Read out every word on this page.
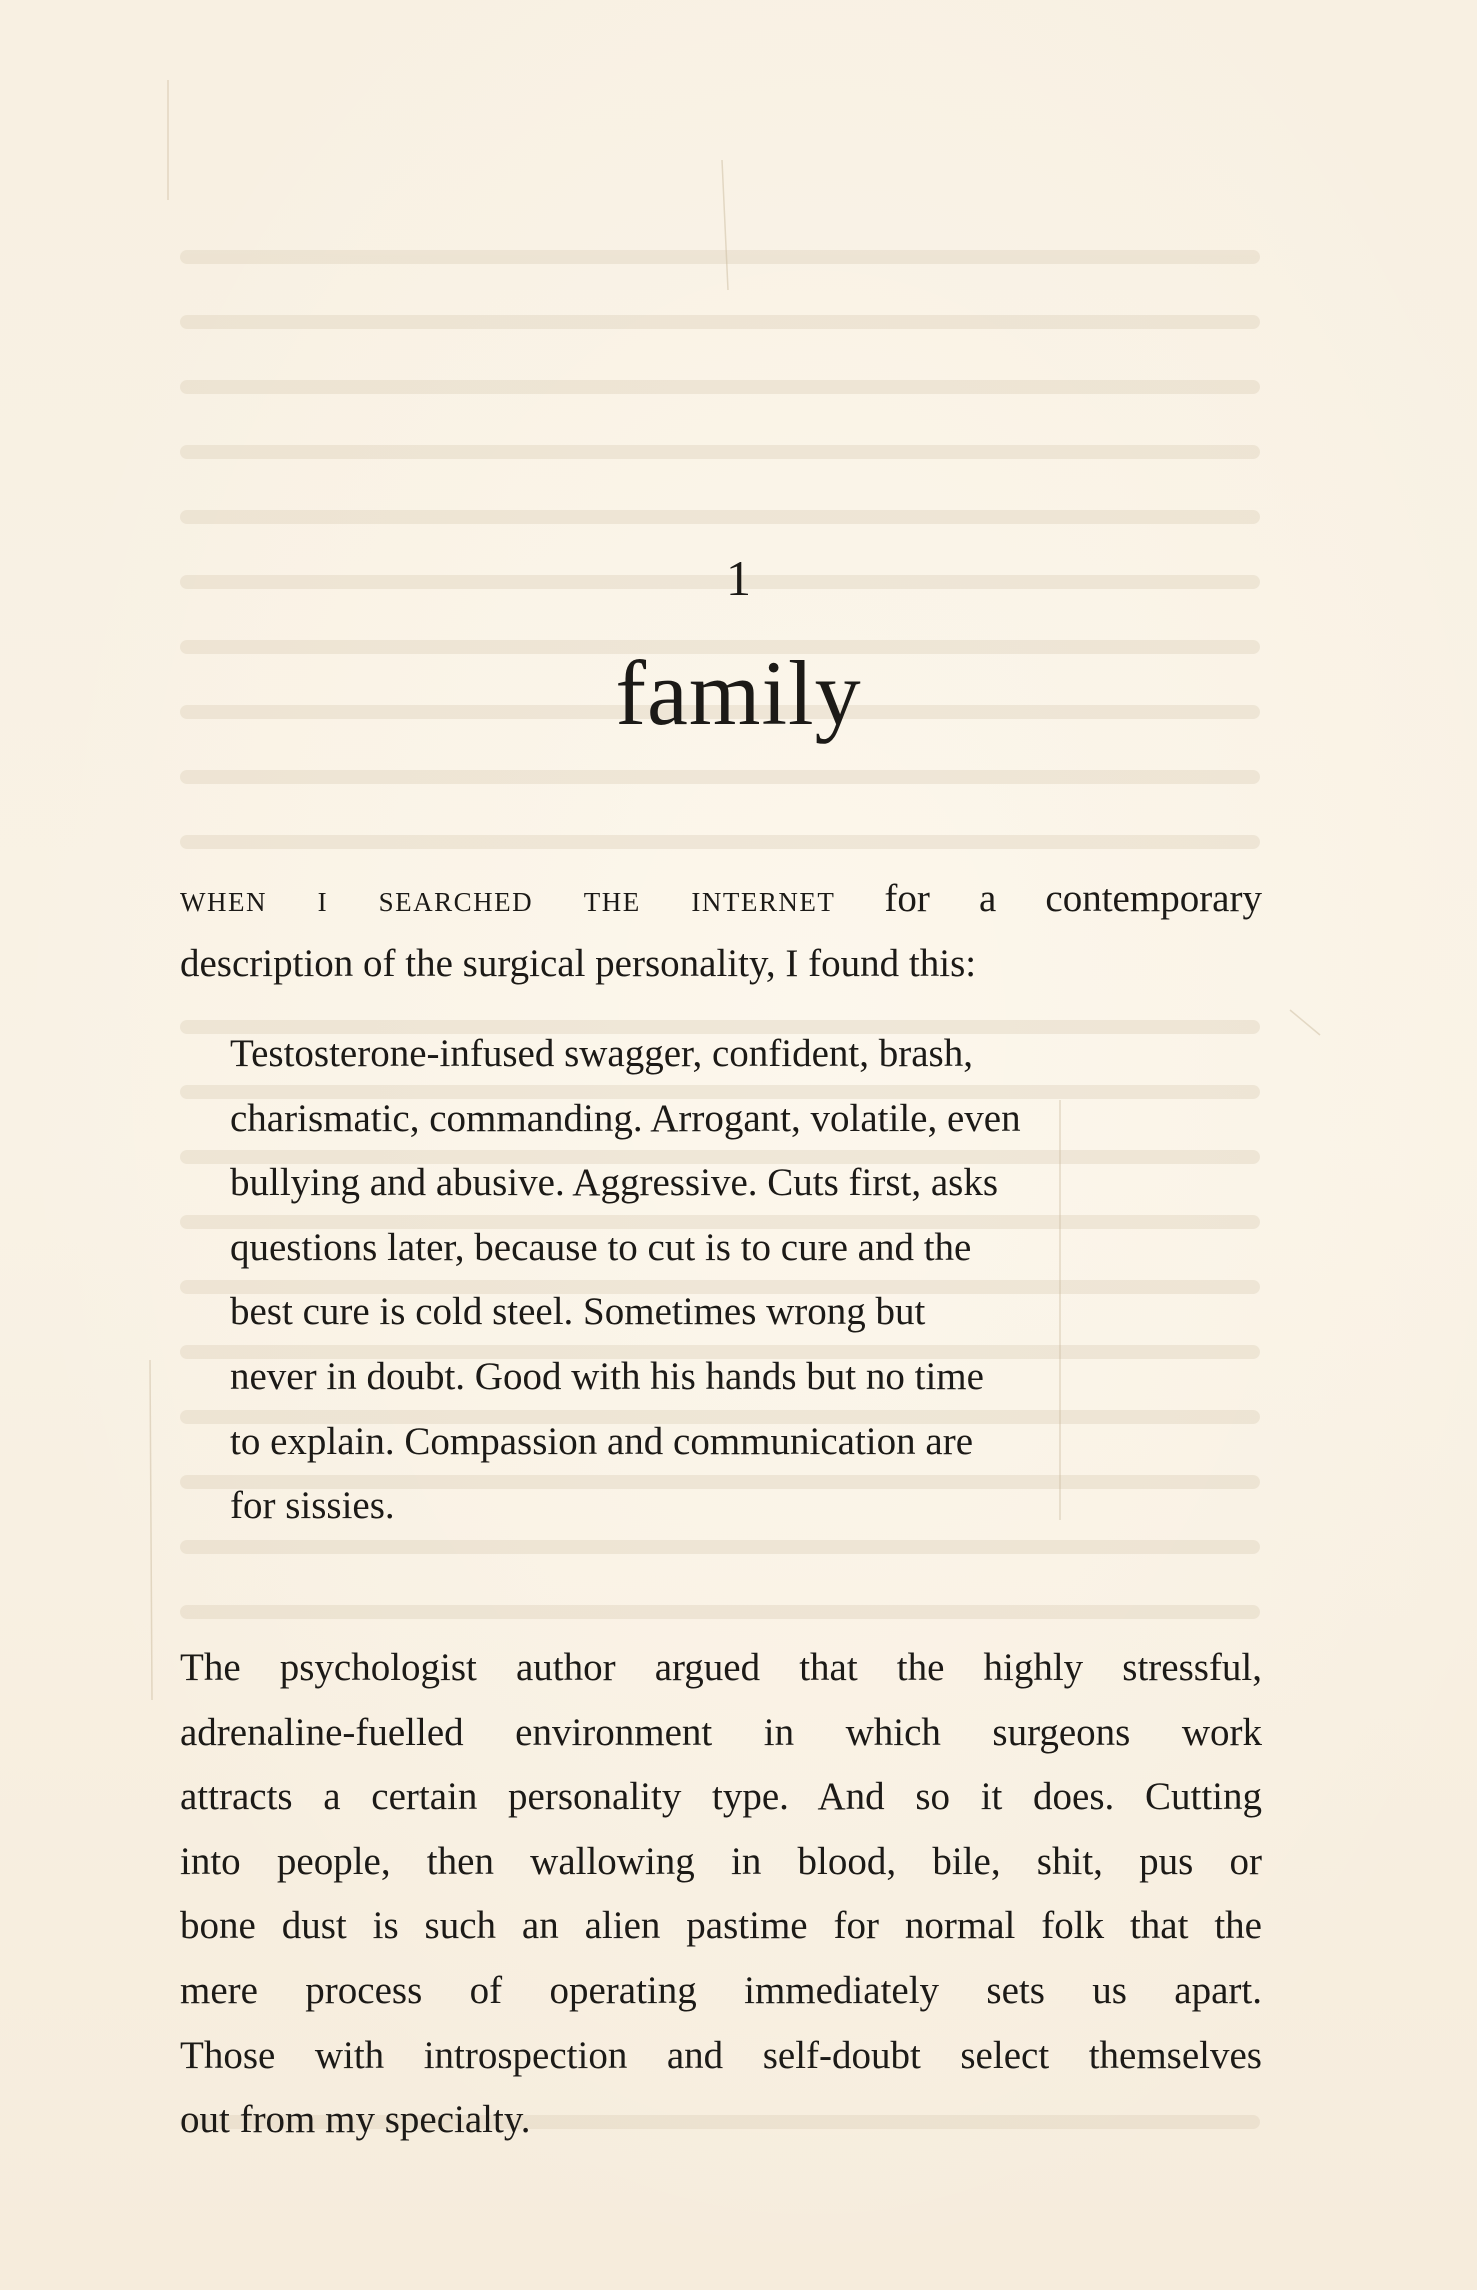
1
family

when i searched the internet for a contemporary
description of the surgical personality, I found this:

Testosterone-infused swagger, confident, brash,
charismatic, commanding. Arrogant, volatile, even
bullying and abusive. Aggressive. Cuts first, asks
questions later, because to cut is to cure and the
best cure is cold steel. Sometimes wrong but
never in doubt. Good with his hands but no time
to explain. Compassion and communication are
for sissies.

The psychologist author argued that the highly stressful,
adrenaline-fuelled environment in which surgeons work
attracts a certain personality type. And so it does. Cutting
into people, then wallowing in blood, bile, shit, pus or
bone dust is such an alien pastime for normal folk that the
mere process of operating immediately sets us apart.
Those with introspection and self-doubt select themselves
out from my specialty.
